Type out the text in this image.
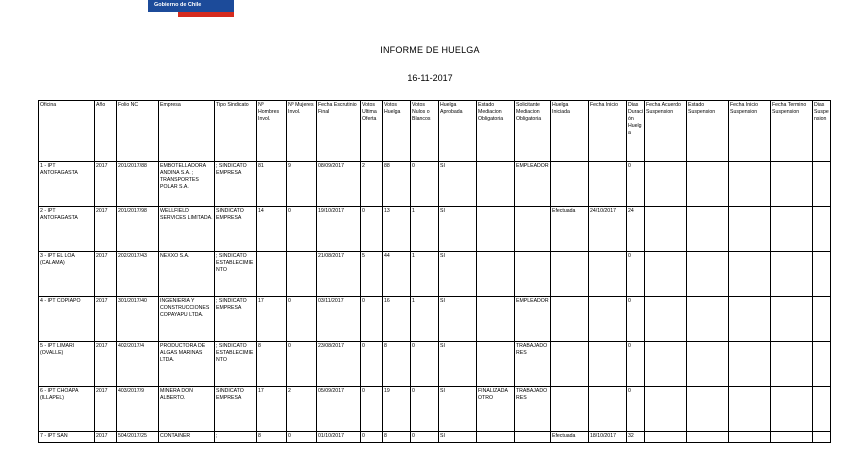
Gobierno de Chile
INFORME DE HUELGA
16-11-2017
Oficina	Año	Folio NC	Empresa	Tipo Sindicato	Nº Hombres Invol.	Nº Mujeres Invol.	Fecha Escrutinio Final	Votos Ultima Oferta	Votos Huelga	Votos Nulos o Blancos	Huelga Aprobada	Estado Mediacion Obligatoria	Solicitante Mediacion Obligatoria	Huelga Iniciada	Fecha Inicio	Dias Duración Huelga	Fecha Acuerdo Suspension	Estado Suspension	Fecha Inicio Suspension	Fecha Termino Suspension	Dias Suspension
1 - IPT ANTOFAGASTA	2017	201/2017/88	EMBOTELLADORA ANDINA S.A. ; TRANSPORTES POLAR S.A.	; SINDICATO EMPRESA	81	9	08/09/2017	2	88	0	SI		EMPLEADOR			0					
2 - IPT ANTOFAGASTA	2017	201/2017/98	WELLFIELD SERVICES LIMITADA.	SINDICATO EMPRESA	14	0	19/10/2017	0	13	1	SI			Efectuada	24/10/2017	24					
3 - IPT EL LOA (CALAMA)	2017	202/2017/43	NEXXO S.A.	; SINDICATO ESTABLECIMIENTO			21/08/2017	5	44	1	SI					0					
4 - IPT COPIAPO	2017	301/2017/40	INGENIERIA Y CONSTRUCCIONES COPAYAPU LTDA.	; SINDICATO EMPRESA	17	0	03/11/2017	0	16	1	SI		EMPLEADOR			0					
5 - IPT LIMARI (OVALLE)	2017	402/2017/4	PRODUCTORA DE ALGAS MARINAS LTDA.	; SINDICATO ESTABLECIMIENTO	8	0	23/08/2017	0	8	0	SI		TRABAJADORES			0					
6 - IPT CHOAPA (ILLAPEL)	2017	403/2017/9	MINERA DON ALBERTO.	SINDICATO EMPRESA	17	2	05/09/2017	0	19	0	SI	FINALIZADA OTRO	TRABAJADORES			0					
7 - IPT SAN	2017	504/2017/25	CONTAINER	;	8	0	01/10/2017	0	8	0	SI			Efectuada	18/10/2017	32					
